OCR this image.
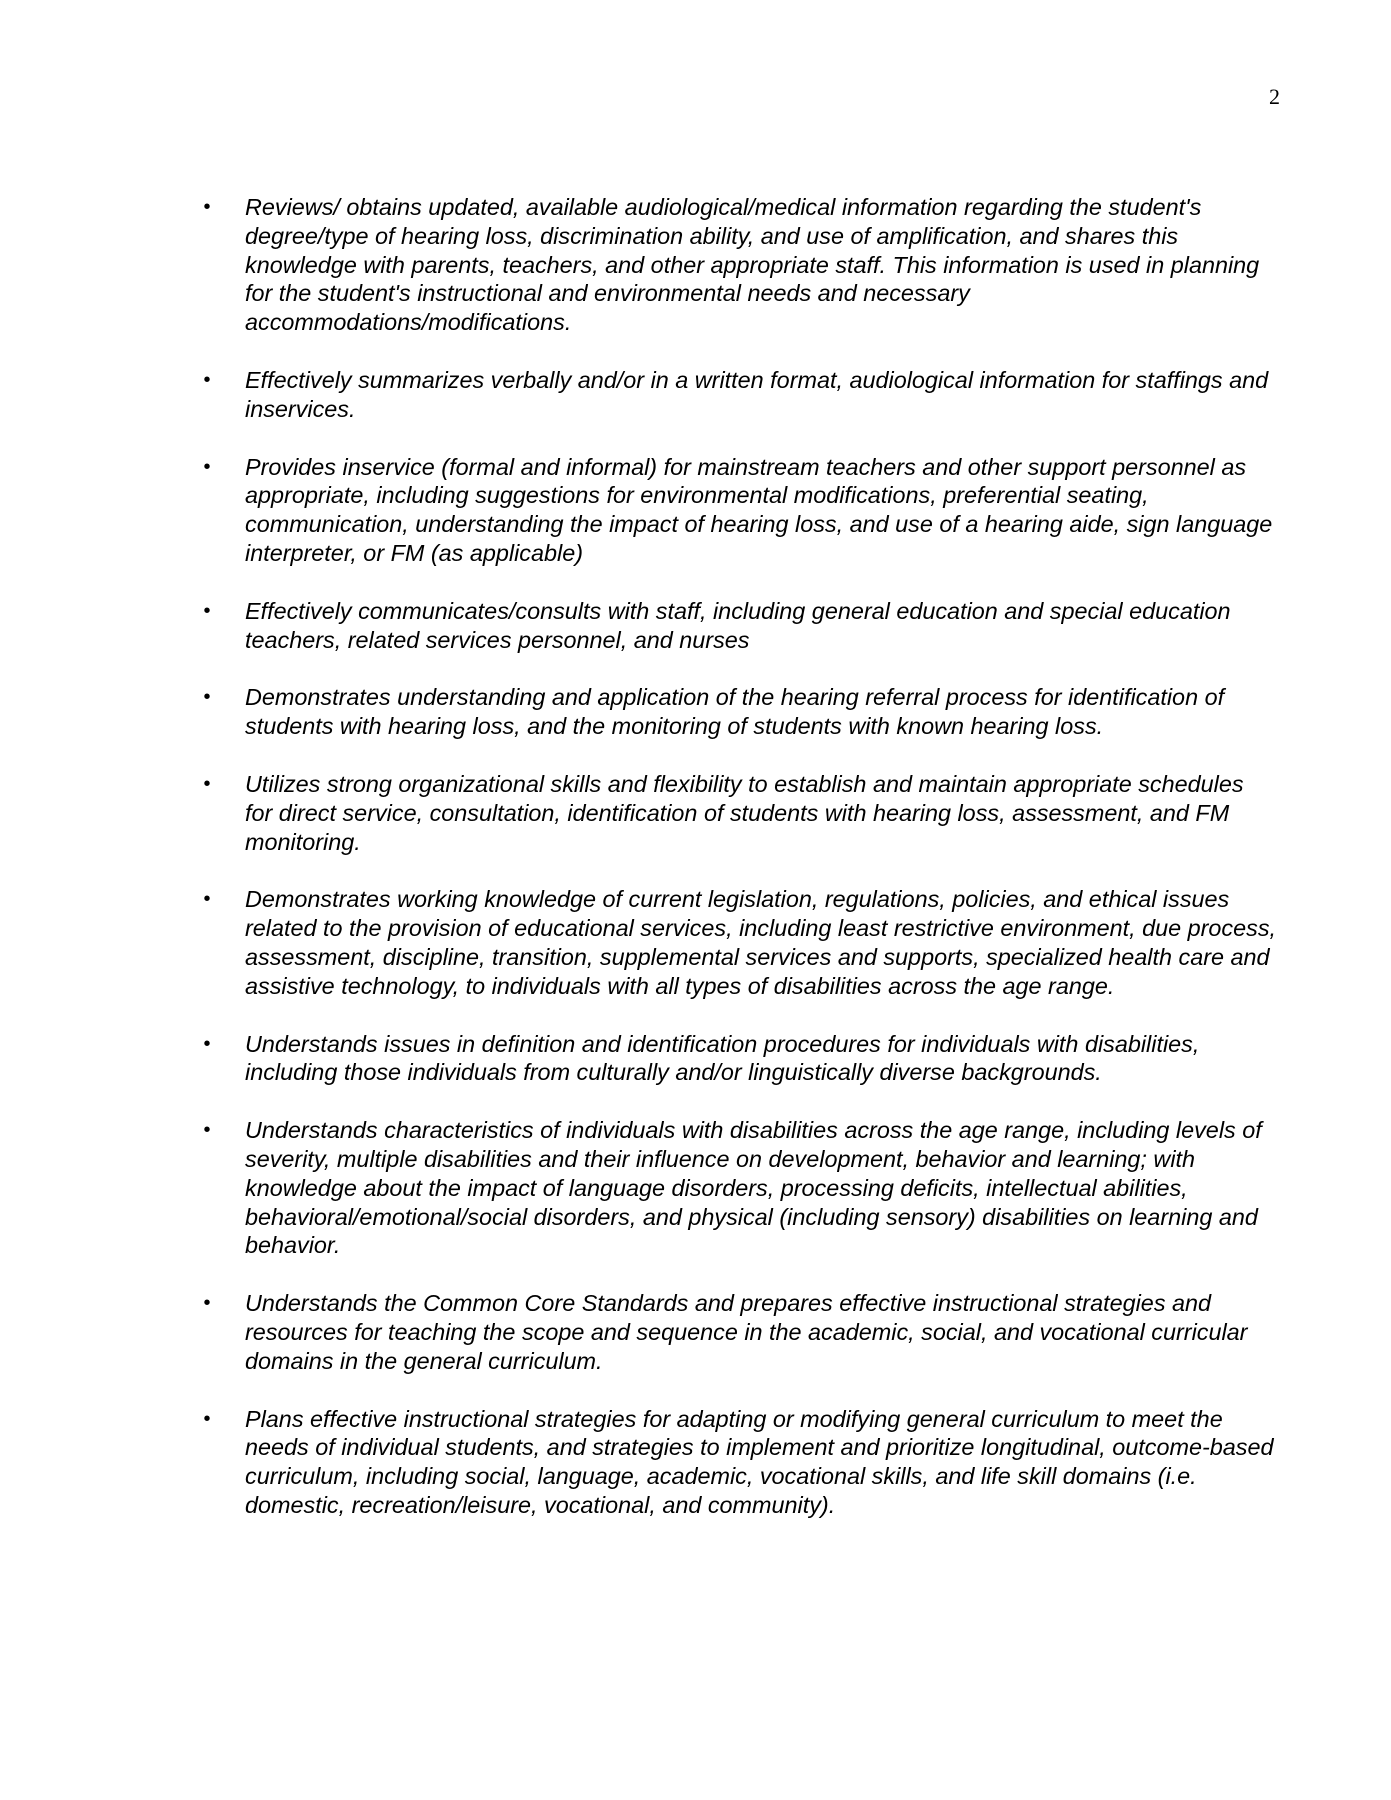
2
• Reviews/ obtains updated, available audiological/medical information regarding the student's degree/type of hearing loss, discrimination ability, and use of amplification, and shares this knowledge with parents, teachers, and other appropriate staff. This information is used in planning for the student's instructional and environmental needs and necessary accommodations/modifications.
• Effectively summarizes verbally and/or in a written format, audiological information for staffings and inservices.
• Provides inservice (formal and informal) for mainstream teachers and other support personnel as appropriate, including suggestions for environmental modifications, preferential seating, communication, understanding the impact of hearing loss, and use of a hearing aide, sign language interpreter, or FM (as applicable)
• Effectively communicates/consults with staff, including general education and special education teachers, related services personnel, and nurses
• Demonstrates understanding and application of the hearing referral process for identification of students with hearing loss, and the monitoring of students with known hearing loss.
• Utilizes strong organizational skills and flexibility to establish and maintain appropriate schedules for direct service, consultation, identification of students with hearing loss, assessment, and FM monitoring.
• Demonstrates working knowledge of current legislation, regulations, policies, and ethical issues related to the provision of educational services, including least restrictive environment, due process, assessment, discipline, transition, supplemental services and supports, specialized health care and assistive technology, to individuals with all types of disabilities across the age range.
• Understands issues in definition and identification procedures for individuals with disabilities, including those individuals from culturally and/or linguistically diverse backgrounds.
• Understands characteristics of individuals with disabilities across the age range, including levels of severity, multiple disabilities and their influence on development, behavior and learning; with knowledge about the impact of language disorders, processing deficits, intellectual abilities, behavioral/emotional/social disorders, and physical (including sensory) disabilities on learning and behavior.
• Understands the Common Core Standards and prepares effective instructional strategies and resources for teaching the scope and sequence in the academic, social, and vocational curricular domains in the general curriculum.
• Plans effective instructional strategies for adapting or modifying general curriculum to meet the needs of individual students, and strategies to implement and prioritize longitudinal, outcome-based curriculum, including social, language, academic, vocational skills, and life skill domains (i.e. domestic, recreation/leisure, vocational, and community).
